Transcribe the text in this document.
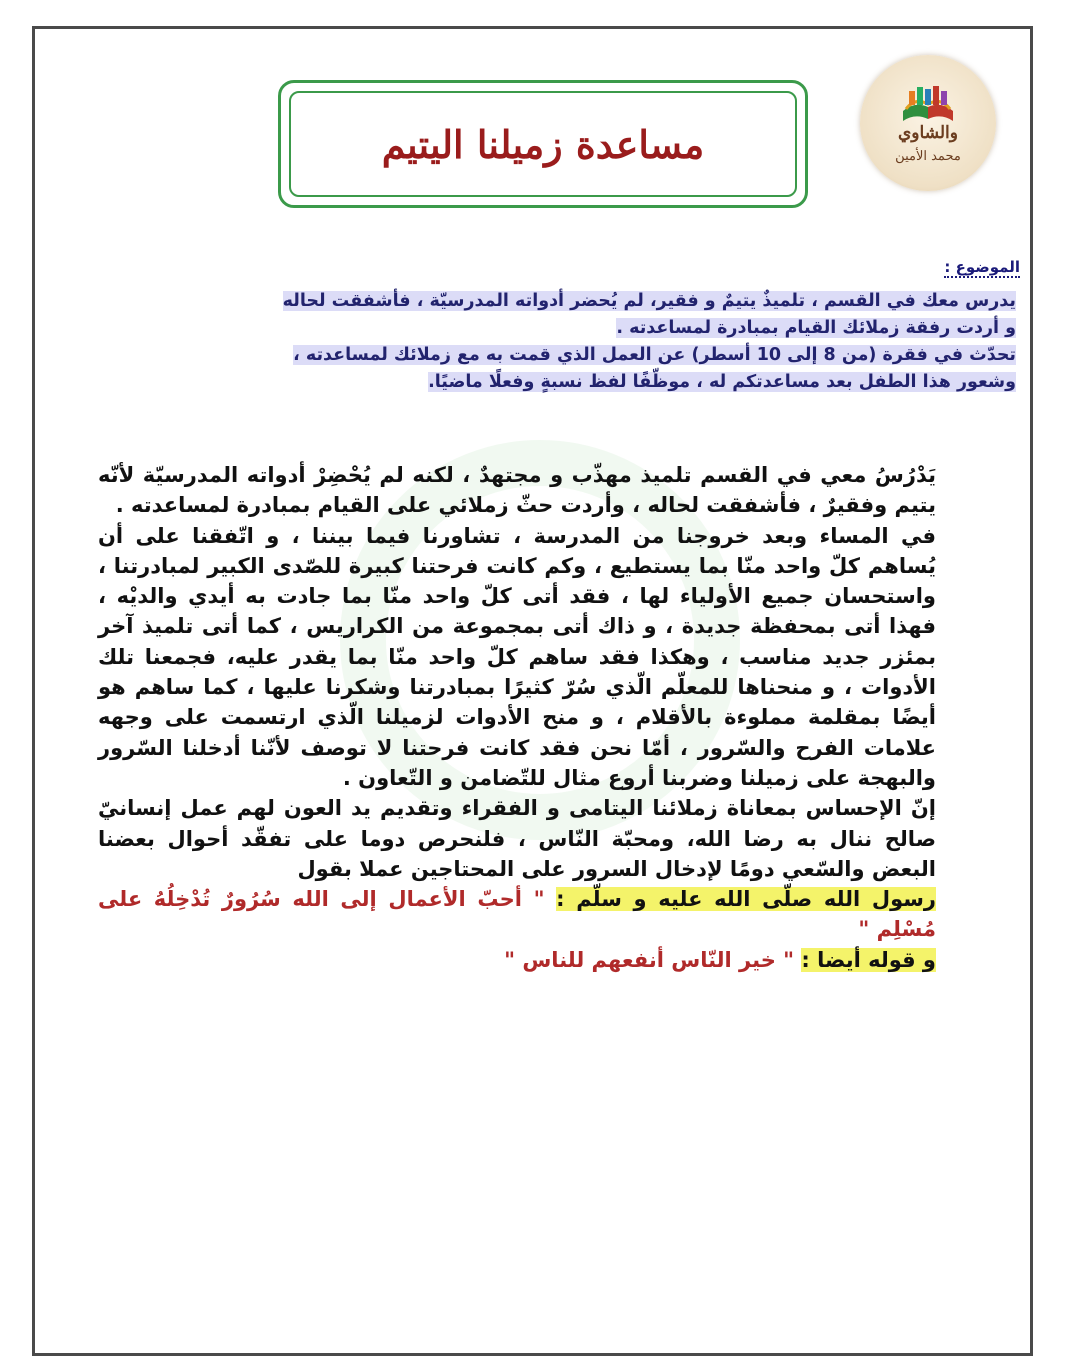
والشاوي
محمد الأمين
مساعدة زميلنا اليتيم
الموضوع :
يدرس معك في القسم ، تلميذٌ يتيمٌ و فقير، لم يُحضر أدواته المدرسيّة ، فأشفقت لحاله
و أردت رفقة زملائك القيام بمبادرة لمساعدته .
تحدّث في فقرة (من 8 إلى 10 أسطر) عن العمل الذي قمت به مع زملائك لمساعدته ،
وشعور هذا الطفل بعد مساعدتكم له ، موظّفًا لفظ نسبةٍ وفعلًا ماضيًا.

يَدْرُسُ معي في القسم تلميذ مهذّب و مجتهدٌ ، لكنه لم يُحْضِرْ أدواته المدرسيّة لأنّه يتيم وفقيرٌ ، فأشفقت لحاله ، وأردت حثّ زملائي على القيام بمبادرة لمساعدته .

في المساء وبعد خروجنا من المدرسة ، تشاورنا فيما بيننا ، و اتّفقنا على أن يُساهم كلّ واحد منّا بما يستطيع ، وكم كانت فرحتنا كبيرة للصّدى الكبير لمبادرتنا ، واستحسان جميع الأولياء لها ، فقد أتى كلّ واحد منّا بما جادت به أيدي والديْه ، فهذا أتى بمحفظة جديدة ، و ذاك أتى بمجموعة من الكراريس ، كما أتى تلميذ آخر بمئزر جديد مناسب ، وهكذا فقد ساهم كلّ واحد منّا بما يقدر عليه، فجمعنا تلك الأدوات ، و منحناها للمعلّم الّذي سُرّ كثيرًا بمبادرتنا وشكرنا عليها ، كما ساهم هو أيضًا بمقلمة مملوءة بالأقلام ، و منح الأدوات لزميلنا الّذي ارتسمت على وجهه علامات الفرح والسّرور ، أمّا نحن فقد كانت فرحتنا لا توصف لأنّنا أدخلنا السّرور والبهجة على زميلنا وضربنا أروع مثال للتّضامن و التّعاون .

إنّ الإحساس بمعاناة زملائنا اليتامى و الفقراء وتقديم يد العون لهم عمل إنسانيّ صالح ننال به رضا الله، ومحبّة النّاس ، فلنحرص دوما على تفقّد أحوال بعضنا البعض والسّعي دومًا لإدخال السرور على المحتاجين عملا بقول

رسول الله صلّى الله عليه و سلّم : " أحبّ الأعمال إلى الله سُرُورٌ تُدْخِلُهُ على مُسْلِم "

و قوله أيضا : " خير النّاس أنفعهم للناس "
